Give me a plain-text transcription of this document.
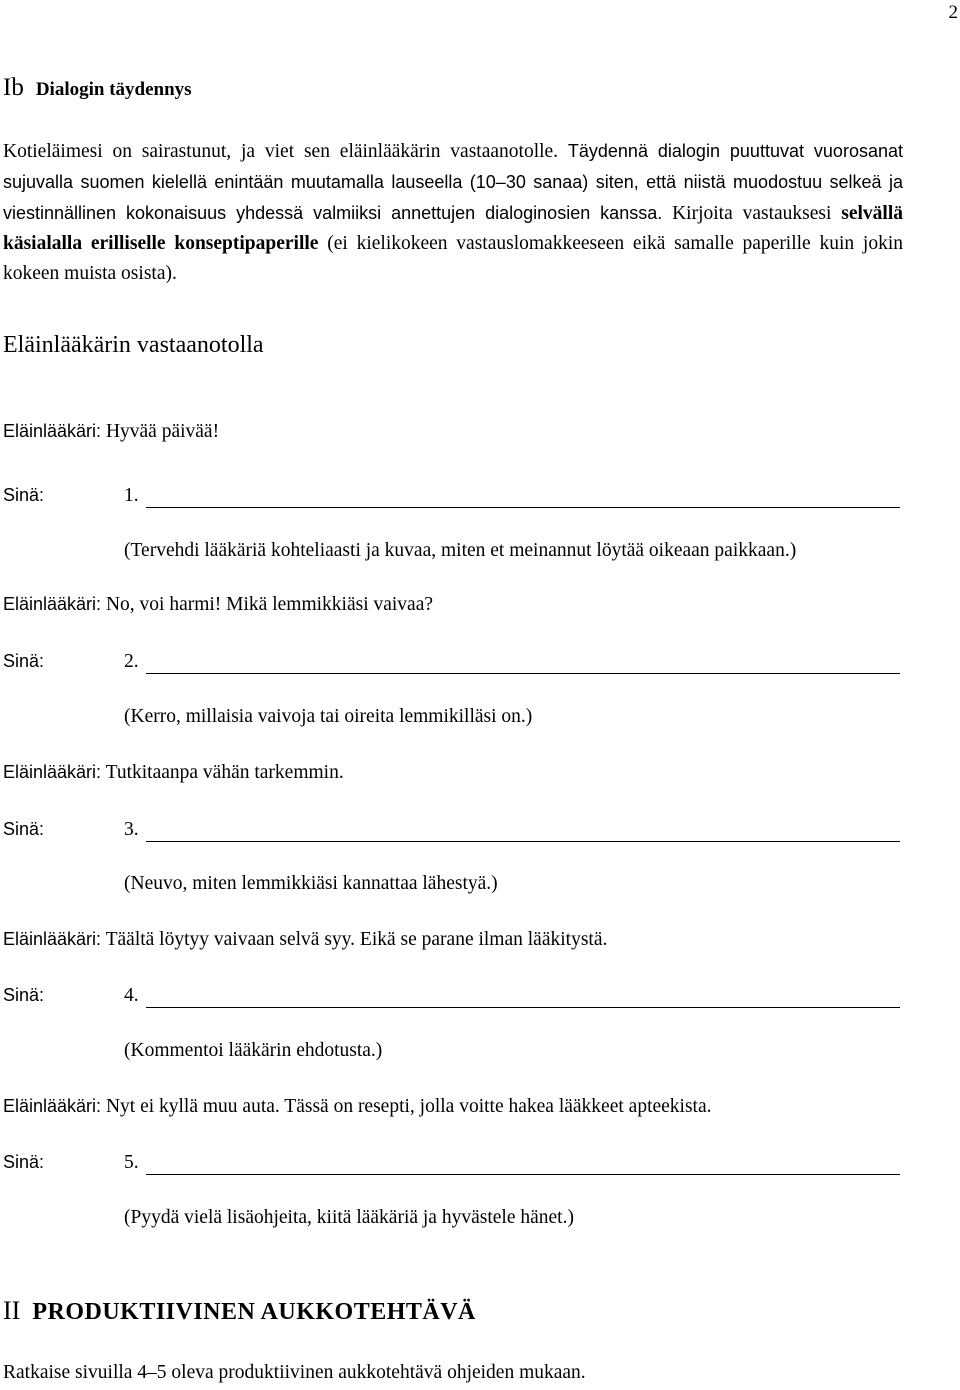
2
Ib Dialogin täydennys
Kotieläimesi on sairastunut, ja viet sen eläinlääkärin vastaanotolle. Täydennä dialogin puuttuvat vuorosanat sujuvalla suomen kielellä enintään muutamalla lauseella (10–30 sanaa) siten, että niistä muodostuu selkeä ja viestinnällinen kokonaisuus yhdessä valmiiksi annettujen dialoginosien kanssa. Kirjoita vastauksesi selvällä käsialalla erilliselle konseptipaperille (ei kielikokeen vastauslomakkeeseen eikä samalle paperille kuin jokin kokeen muista osista).
Eläinlääkärin vastaanotolla
Eläinlääkäri: Hyvää päivää!
Sinä:	1.
(Tervehdi lääkäriä kohteliaasti ja kuvaa, miten et meinannut löytää oikeaan paikkaan.)
Eläinlääkäri: No, voi harmi! Mikä lemmikkiäsi vaivaa?
Sinä:	2.
(Kerro, millaisia vaivoja tai oireita lemmikilläsi on.)
Eläinlääkäri: Tutkitaanpa vähän tarkemmin.
Sinä:	3.
(Neuvo, miten lemmikkiäsi kannattaa lähestyä.)
Eläinlääkäri: Täältä löytyy vaivaan selvä syy. Eikä se parane ilman lääkitystä.
Sinä:	4.
(Kommentoi lääkärin ehdotusta.)
Eläinlääkäri: Nyt ei kyllä muu auta. Tässä on resepti, jolla voitte hakea lääkkeet apteekista.
Sinä:	5.
(Pyydä vielä lisäohjeita, kiitä lääkäriä ja hyvästele hänet.)
II PRODUKTIIVINEN AUKKOTEHTÄVÄ
Ratkaise sivuilla 4–5 oleva produktiivinen aukkotehtävä ohjeiden mukaan.
